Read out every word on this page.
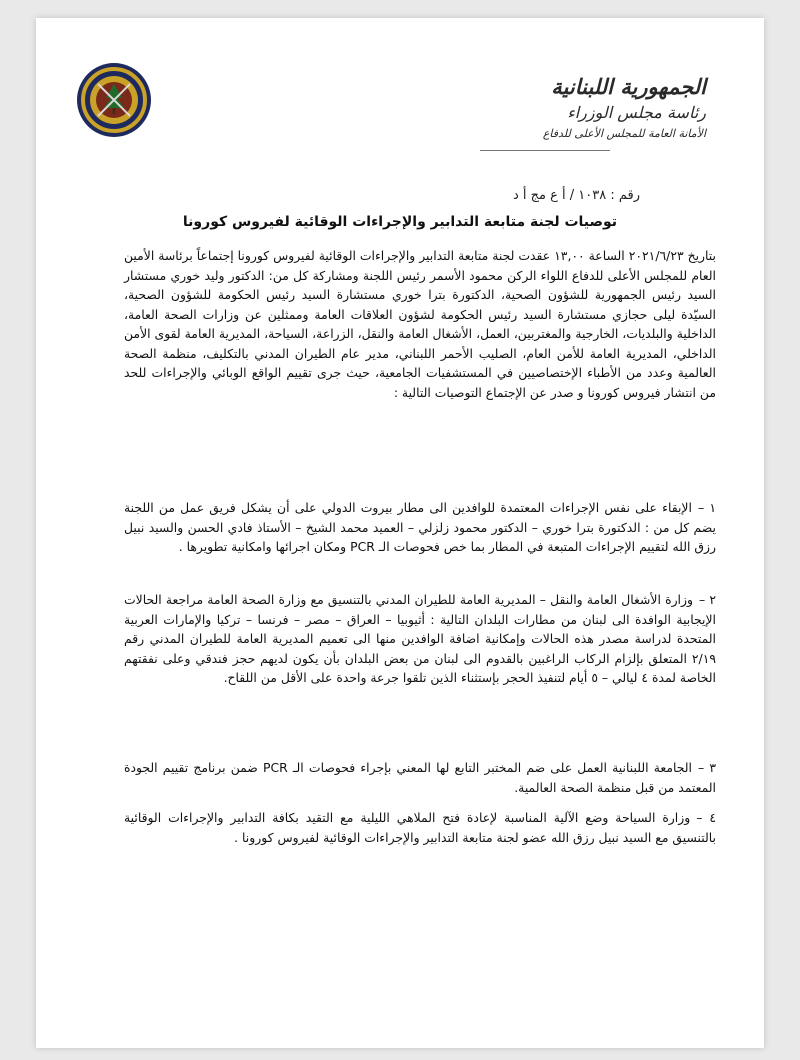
الجمهورية اللبنانية
رئاسة مجلس الوزراء
الأمانة العامة للمجلس الأعلى للدفاع
رقم : ١٠٣٨ / أ ع مج أ د
توصيات لجنة متابعة التدابير والإجراءات الوقائية لفيروس كورونا
بتاريخ ٢٠٢١/٦/٢٣ الساعة ١٣,٠٠ عقدت لجنة متابعة التدابير والإجراءات الوقائية لفيروس كورونا إجتماعاً برئاسة الأمين العام للمجلس الأعلى للدفاع اللواء الركن محمود الأسمر رئيس اللجنة ومشاركة كل من: الدكتور وليد خوري مستشار السيد رئيس الجمهورية للشؤون الصحية، الدكتورة بترا خوري مستشارة السيد رئيس الحكومة للشؤون الصحية، السيّدة ليلى حجازي مستشارة السيد رئيس الحكومة لشؤون العلاقات العامة وممثلين عن وزارات الصحة العامة، الداخلية والبلديات، الخارجية والمغتربين، العمل، الأشغال العامة والنقل، الزراعة، السياحة، المديرية العامة لقوى الأمن الداخلي، المديرية العامة للأمن العام، الصليب الأحمر اللبناني، مدير عام الطيران المدني بالتكليف، منظمة الصحة العالمية وعدد من الأطباء الإختصاصيين في المستشفيات الجامعية، حيث جرى تقييم الواقع الوبائي والإجراءات للحد من انتشار فيروس كورونا و صدر عن الإجتماع التوصيات التالية :
١ –الإبقاء على نفس الإجراءات المعتمدة للوافدين الى مطار بيروت الدولي على أن يشكل فريق عمل من اللجنة يضم كل من : الدكتورة بترا خوري – الدكتور محمود زلزلي – العميد محمد الشيخ – الأستاذ فادي الحسن والسيد نبيل رزق الله لتقييم الإجراءات المتبعة في المطار بما خص فحوصات الـ PCR ومكان اجرائها وامكانية تطويرها .
٢ –وزارة الأشغال العامة والنقل – المديرية العامة للطيران المدني بالتنسيق مع وزارة الصحة العامة مراجعة الحالات الإيجابية الوافدة الى لبنان من مطارات البلدان التالية : أثيوبيا – العراق – مصر – فرنسا – تركيا والإمارات العربية المتحدة لدراسة مصدر هذه الحالات وإمكانية اضافة الوافدين منها الى تعميم المديرية العامة للطيران المدني رقم ٢/١٩ المتعلق بإلزام الركاب الراغبين بالقدوم الى لبنان من بعض البلدان بأن يكون لديهم حجز فندقي وعلى نفقتهم الخاصة لمدة ٤ ليالي – ٥ أيام لتنفيذ الحجر بإستثناء الذين تلقوا جرعة واحدة على الأقل من اللقاح.
٣ –الجامعة اللبنانية العمل على ضم المختبر التابع لها المعني بإجراء فحوصات الـ PCR ضمن برنامج تقييم الجودة المعتمد من قبل منظمة الصحة العالمية.
٤ –وزارة السياحة وضع الآلية المناسبة لإعادة فتح الملاهي الليلية مع التقيد بكافة التدابير والإجراءات الوقائية بالتنسيق مع السيد نبيل رزق الله عضو لجنة متابعة التدابير والإجراءات الوقائية لفيروس كورونا .
